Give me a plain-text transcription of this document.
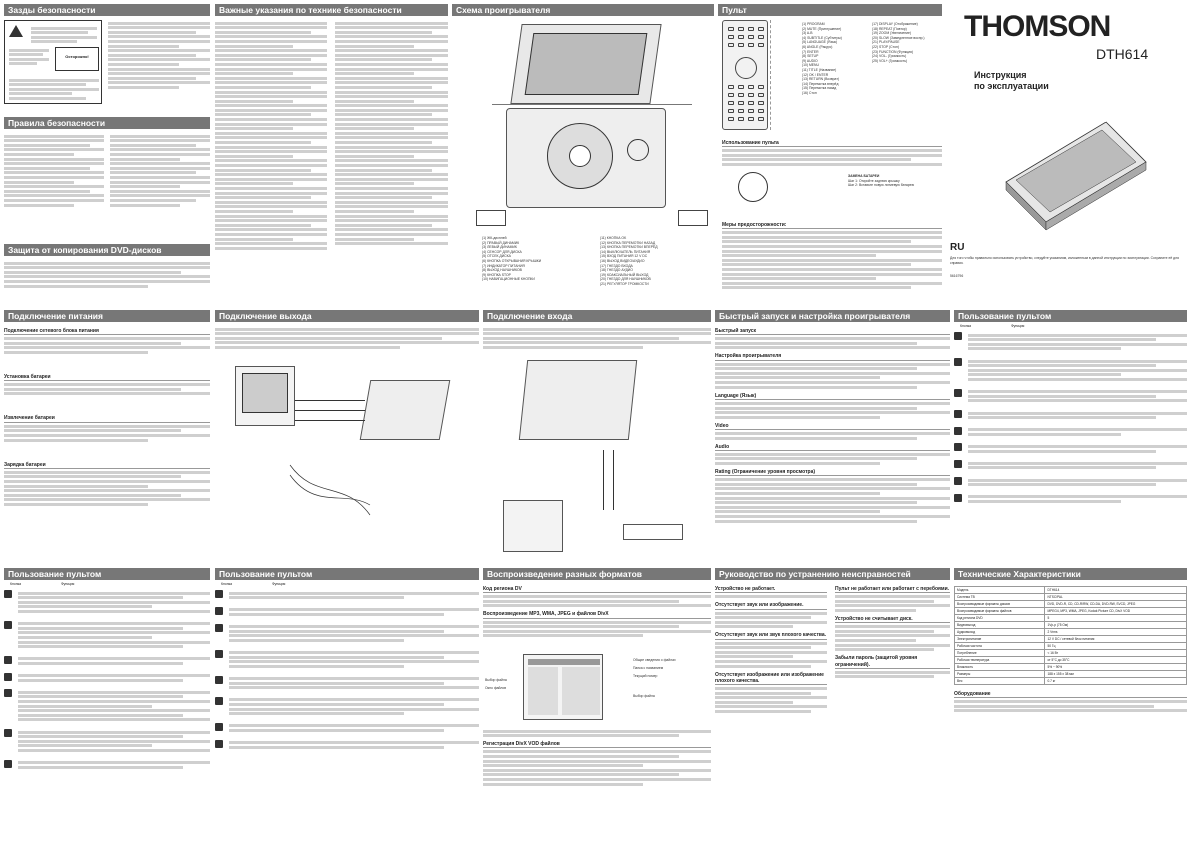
Зазды безопасности
Осторожно!
Правила безопасности
Защита от копирования DVD-дисков
Важные указания по технике безопасности	Схема проигрывателя
(1) ЖК-дисплей
(2) ПРАВЫЙ ДИНАМИК
(3) ЛЕВЫЙ ДИНАМИК
(4) СЕНСОР ДЛЯ ДИСКА
(5) ОТСЕК ДИСКА
(6) КНОПКА ОТКРЫВАНИЯ КРЫШКИ
(7) ИНДИКАТОР ПИТАНИЯ
(8) ВЫХОД НАУШНИКОВ
(9) КНОПКА STOP
(10) НАВИГАЦИОННЫЕ КНОПКИ
(11) КНОПКА OK
(12) КНОПКА ПЕРЕМОТКИ НАЗАД
(13) КНОПКА ПЕРЕМОТКИ ВПЕРЁД
(14) ВЫКЛЮЧАТЕЛЬ ПИТАНИЯ
(15) ВХОД ПИТАНИЯ 12 V DC
(16) ВЫХОД ВИДЕО/АУДИО
(17) ГНЕЗДО ВХОДА
(18) ГНЕЗДО АУДИО
(19) КОАКСИАЛЬНЫЙ ВЫХОД
(20) ГНЕЗДО ДЛЯ НАУШНИКОВ
(21) РЕГУЛЯТОР ГРОМКОСТИ
Пульт
(1) PROGRAM
(2) MUTE (Приглушение)
(3) A-B
(4) SUBTITLE (Субтитры)
(5) LANGUAGE (Язык)
(6) ANGLE (Ракурс)
(7) ENTER
(8) SETUP
(9) AUDIO
(10) MENU
(11) TITLE (Название)
(12) OK / ENTER
(13) RETURN (Возврат)
(14) Перемотка вперёд
(15) Перемотка назад
(16) Стоп
(17) DISPLAY (Отображение)
(18) REPEAT (Повтор)
(19) ZOOM (Увеличение)
(20) SLOW (Замедленное воспр.)
(21) PLAY/PAUSE
(22) STOP (Стоп)
(23) FUNCTION (Функция)
(24) VOL- (Громкость)
(25) VOL+ (Громкость)
Использование пульта
ЗАМЕНА БАТАРЕИ
Шаг 1: Откройте заднюю крышку
Шаг 2: Вставьте новую литиевую батарею
Меры предосторожности:
THOMSON
DTH614
Инструкция
по эксплуатации
RU
Для того чтобы правильно использовать устройство, следуйте указаниям, изложенным в данной инструкции по эксплуатации. Сохраните её для справки.
5616796
Подключение питания
Подключение сетевого блока питания
Установка батареи
Извлечение батареи
Зарядка батареи
Подключение выхода	Подключение входа	Быстрый запуск и настройка проигрывателя
Быстрый запуск
Настройка проигрывателя
Language (Язык)
Video
Audio
Rating (Ограничение уровня просмотра)
Пользование пультом
Кнопка	Функция
Пользование пультом
Кнопка	Функция
Пользование пультом
Кнопка	Функция
Воспроизведение разных форматов
Код региона DV
Воспроизведение MP3, WMA, JPEG и файлов DivX
Выбор файла
Окно файлов
Общие сведения о файлах
Папка с названием
Текущий номер
Выбор файла
Регистрация DivX VOD файлов
Руководство по устранению неисправностей
Устройство не работает.
Отсутствует звук или изображение.
Отсутствует звук или звук плохого качества.
Отсутствует изображение или изображение плохого качества.
Пульт не работает или работает с перебоями.
Устройство не считывает диск.
Забыли пароль (защитой уровня ограничений).
Технические Характеристики
Модель	DTH614
Система ТВ	NTSC/PAL
Воспроизводимые форматы дисков	DVD, DVD-R, CD, CD-R/RW, CD-DA, DVD-RW, SVCD, JPEG
Воспроизводимые форматы файлов	MPEG4, MP3, WMA, JPEG, Kodak Picture CD, DivX VOD
Код региона DVD	5
Видеовыход	1Vp-p (75 Ом)
Аудиовыход	2 Vrms
Электропитание	12 V DC / сетевой блок питания
Рабочая частота	50 Гц
Потребление	< 16 Вт
Рабочая температура	от 5°C до 35°C
Влажность	5% ~ 90%
Размеры	188 x 155 x 38 мм
Вес	0.7 кг
Оборудование
